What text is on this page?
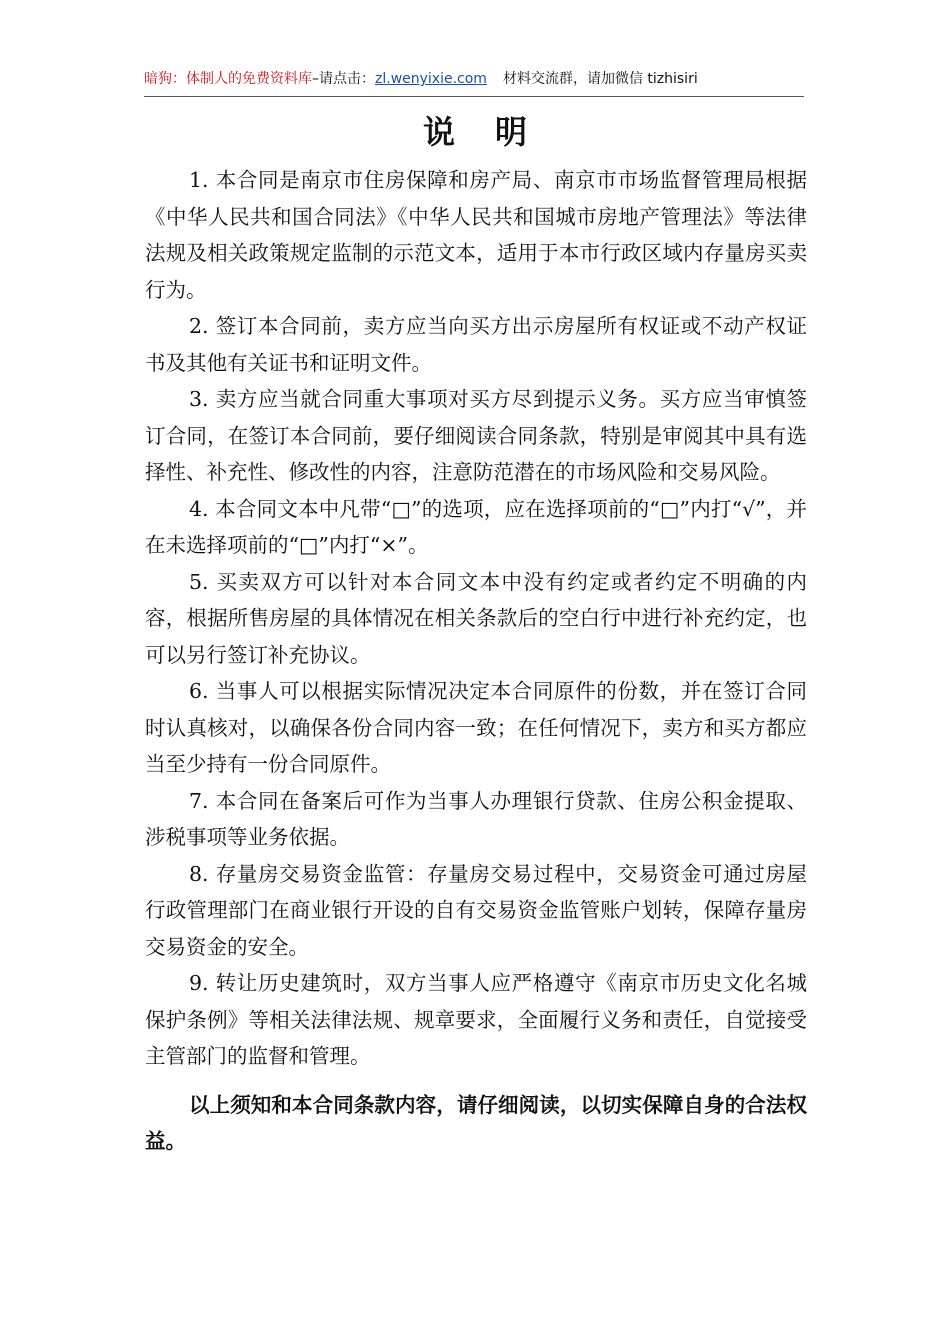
暗狗：体制人的免费资料库–请点击：zl.wenyixie.com 材料交流群，请加微信 tizhisiri
说明

1. 本合同是南京市住房保障和房产局、南京市市场监督管理局根据《中华人民共和国合同法》《中华人民共和国城市房地产管理法》等法律法规及相关政策规定监制的示范文本，适用于本市行政区域内存量房买卖行为。

2. 签订本合同前，卖方应当向买方出示房屋所有权证或不动产权证书及其他有关证书和证明文件。

3. 卖方应当就合同重大事项对买方尽到提示义务。买方应当审慎签订合同，在签订本合同前，要仔细阅读合同条款，特别是审阅其中具有选择性、补充性、修改性的内容，注意防范潜在的市场风险和交易风险。

4. 本合同文本中凡带“□”的选项，应在选择项前的“□”内打“√”，并在未选择项前的“□”内打“×”。

5. 买卖双方可以针对本合同文本中没有约定或者约定不明确的内容，根据所售房屋的具体情况在相关条款后的空白行中进行补充约定，也可以另行签订补充协议。

6. 当事人可以根据实际情况决定本合同原件的份数，并在签订合同时认真核对，以确保各份合同内容一致；在任何情况下，卖方和买方都应当至少持有一份合同原件。

7. 本合同在备案后可作为当事人办理银行贷款、住房公积金提取、涉税事项等业务依据。

8. 存量房交易资金监管：存量房交易过程中，交易资金可通过房屋行政管理部门在商业银行开设的自有交易资金监管账户划转，保障存量房交易资金的安全。

9. 转让历史建筑时，双方当事人应严格遵守《南京市历史文化名城保护条例》等相关法律法规、规章要求，全面履行义务和责任，自觉接受主管部门的监督和管理。

以上须知和本合同条款内容，请仔细阅读，以切实保障自身的合法权益。
